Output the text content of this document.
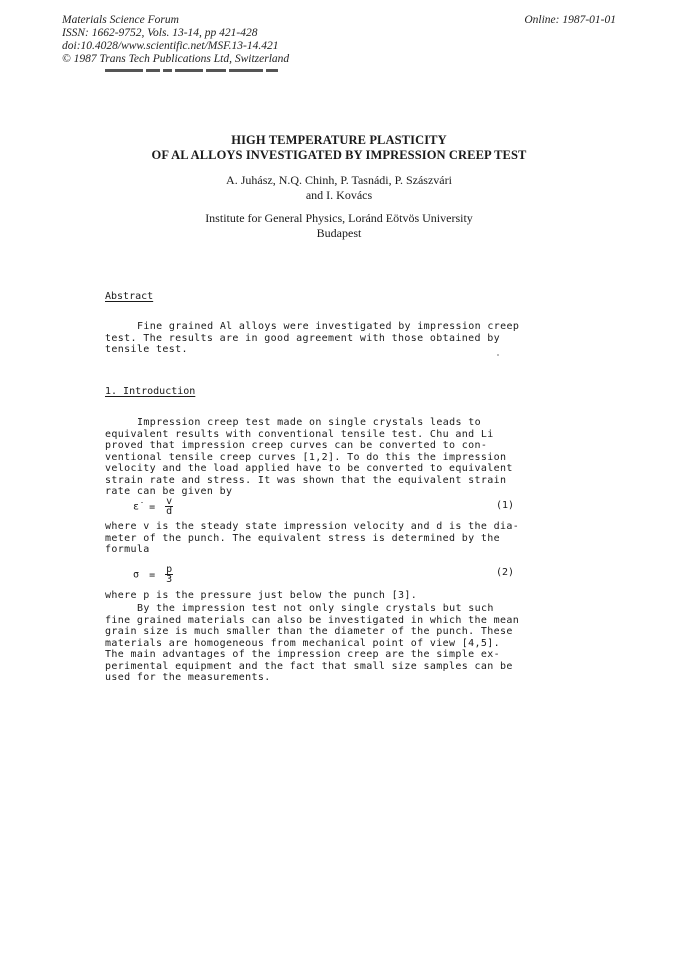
Materials Science Forum
ISSN: 1662-9752, Vols. 13-14, pp 421-428
doi:10.4028/www.scientific.net/MSF.13-14.421
© 1987 Trans Tech Publications Ltd, Switzerland
Online: 1987-01-01
HIGH TEMPERATURE PLASTICITY
OF AL ALLOYS INVESTIGATED BY IMPRESSION CREEP TEST
A. Juhász, N.Q. Chinh, P. Tasnádi, P. Szászvári
and I. Kovács
Institute for General Physics, Loránd Eötvös University
Budapest
Abstract
Fine grained Al alloys were investigated by impression creep
test. The results are in good agreement with those obtained by
tensile test.
1. Introduction
Impression creep test made on single crystals leads to
equivalent results with conventional tensile test. Chu and Li
proved that impression creep curves can be converted to con-
ventional tensile creep curves [1,2]. To do this the impression
velocity and the load applied have to be converted to equivalent
strain rate and stress. It was shown that the equivalent strain
rate can be given by
ε̇ = $\frac{v}{d}$	(1)
where v is the steady state impression velocity and d is the dia-
meter of the punch. The equivalent stress is determined by the
formula
$\sigma = \frac{p}{3}$	(2)
where p is the pressure just below the punch [3].
By the impression test not only single crystals but such
fine grained materials can also be investigated in which the mean
grain size is much smaller than the diameter of the punch. These
materials are homogeneous from mechanical point of view [4,5].
The main advantages of the impression creep are the simple ex-
perimental equipment and the fact that small size samples can be
used for the measurements.
